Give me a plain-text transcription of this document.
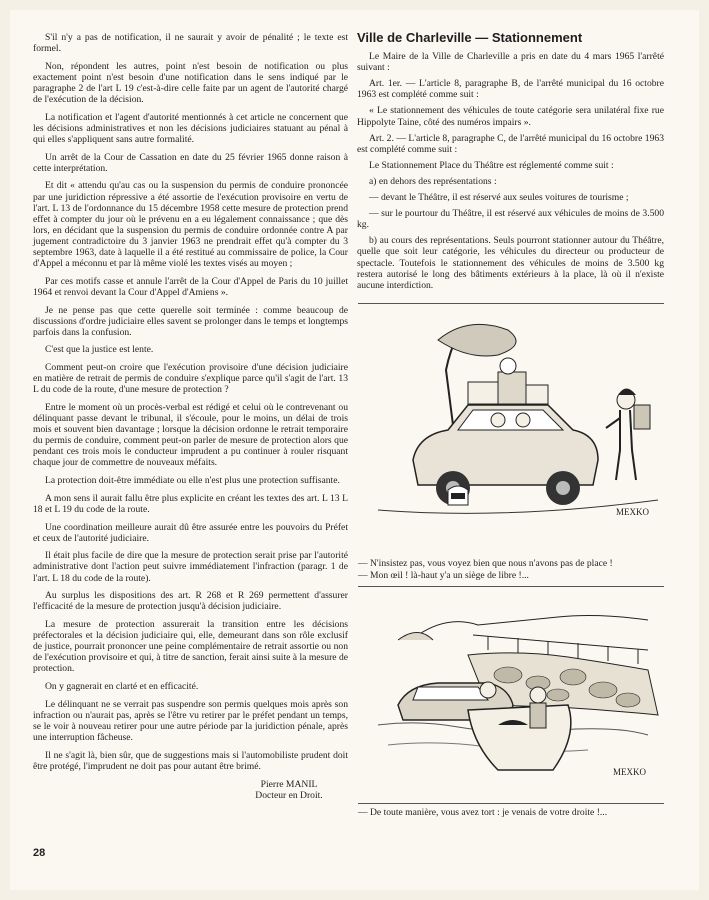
S'il n'y a pas de notification, il ne saurait y avoir de pénalité ; le texte est formel.

Non, répondent les autres, point n'est besoin de notification ou plus exactement point n'est besoin d'une notification dans le sens indiqué par le paragraphe 2 de l'art L 19 c'est-à-dire celle faite par un agent de l'autorité chargé de l'exécution de la décision.

La notification et l'agent d'autorité mentionnés à cet article ne concernent que les décisions administratives et non les décisions judiciaires statuant au pénal à qui elles s'appliquent sans autre formalité.

Un arrêt de la Cour de Cassation en date du 25 février 1965 donne raison à cette interprétation.

Et dit « attendu qu'au cas ou la suspension du permis de conduire prononcée par une juridiction répressive a été assortie de l'exécution provisoire en vertu de l'art. L 13 de l'ordonnance du 15 décembre 1958 cette mesure de protection prend effet à compter du jour où le prévenu en a eu légalement connaissance ; que dès lors, en décidant que la suspension du permis de conduire ordonnée contre A par jugement contradictoire du 3 janvier 1963 ne prendrait effet qu'à compter du 3 septembre 1963, date à laquelle il a été restitué au commissaire de police, la Cour d'Appel a méconnu et par là même violé les textes visés au moyen ;

Par ces motifs casse et annule l'arrêt de la Cour d'Appel de Paris du 10 juillet 1964 et renvoi devant la Cour d'Appel d'Amiens ».

Je ne pense pas que cette querelle soit terminée : comme beaucoup de discussions d'ordre judiciaire elles savent se prolonger dans le temps et longtemps parfois dans la confusion.

C'est que la justice est lente.

Comment peut-on croire que l'exécution provisoire d'une décision judiciaire en matière de retrait de permis de conduire s'explique parce qu'il s'agit de l'art. 13 L du code de la route, d'une mesure de protection ?

Entre le moment où un procès-verbal est rédigé et celui où le contrevenant ou délinquant passe devant le tribunal, il s'écoule, pour le moins, un délai de trois mois et souvent bien davantage ; lorsque la décision ordonne le retrait temporaire du permis de conduire, comment peut-on parler de mesure de protection alors que pendant ces trois mois le conducteur imprudent a pu continuer à rouler risquant chaque jour de commettre de nouveaux méfaits.

La protection doit-être immédiate ou elle n'est plus une protection suffisante.

A mon sens il aurait fallu être plus explicite en créant les textes des art. L 13 L 18 et L 19 du code de la route.

Une coordination meilleure aurait dû être assurée entre les pouvoirs du Préfet et ceux de l'autorité judiciaire.

Il était plus facile de dire que la mesure de protection serait prise par l'autorité administrative dont l'action peut suivre immédiatement l'infraction (paragr. 1 de l'art. L 18 du code de la route).

Au surplus les dispositions des art. R 268 et R 269 permettent d'assurer l'efficacité de la mesure de protection jusqu'à décision judiciaire.

La mesure de protection assurerait la transition entre les décisions préfectorales et la décision judiciaire qui, elle, demeurant dans son rôle exclusif de justice, pourrait prononcer une peine complémentaire de retrait assortie ou non de l'exécution provisoire et qui, à titre de sanction, ferait ainsi suite à la mesure de protection.

On y gagnerait en clarté et en efficacité.

Le délinquant ne se verrait pas suspendre son permis quelques mois après son infraction ou n'aurait pas, après se l'être vu retirer par le préfet pendant un temps, se le voir à nouveau retirer pour une autre période par la juridiction pénale, après une interruption fâcheuse.

Il ne s'agit là, bien sûr, que de suggestions mais si l'automobiliste prudent doit être protégé, l'imprudent ne doit pas pour autant être brimé.

Pierre MANIL
Docteur en Droit.
Ville de Charleville — Stationnement

Le Maire de la Ville de Charleville a pris en date du 4 mars 1965 l'arrêté suivant :

Art. 1er. — L'article 8, paragraphe B, de l'arrêté municipal du 16 octobre 1963 est complété comme suit :

« Le stationnement des véhicules de toute catégorie sera unilatéral fixe rue Hippolyte Taine, côté des numéros impairs ».

Art. 2. — L'article 8, paragraphe C, de l'arrêté municipal du 16 octobre 1963 est complété comme suit :

Le Stationnement Place du Théâtre est réglementé comme suit :

a) en dehors des représentations :

— devant le Théâtre, il est réservé aux seules voitures de tourisme ;

— sur le pourtour du Théâtre, il est réservé aux véhicules de moins de 3.500 kg.

b) au cours des représentations. Seuls pourront stationner autour du Théâtre, quelle que soit leur catégorie, les véhicules du directeur ou producteur de spectacle. Toutefois le stationnement des véhicules de moins de 3.500 kg restera autorisé le long des bâtiments extérieurs à la place, là où il n'existe aucune interdiction.

MEXKO
— N'insistez pas, vous voyez bien que nous n'avons pas de place !
— Mon œil ! là-haut y'a un siège de libre !...
MEXKO
— De toute manière, vous avez tort : je venais de votre droite !...
28
